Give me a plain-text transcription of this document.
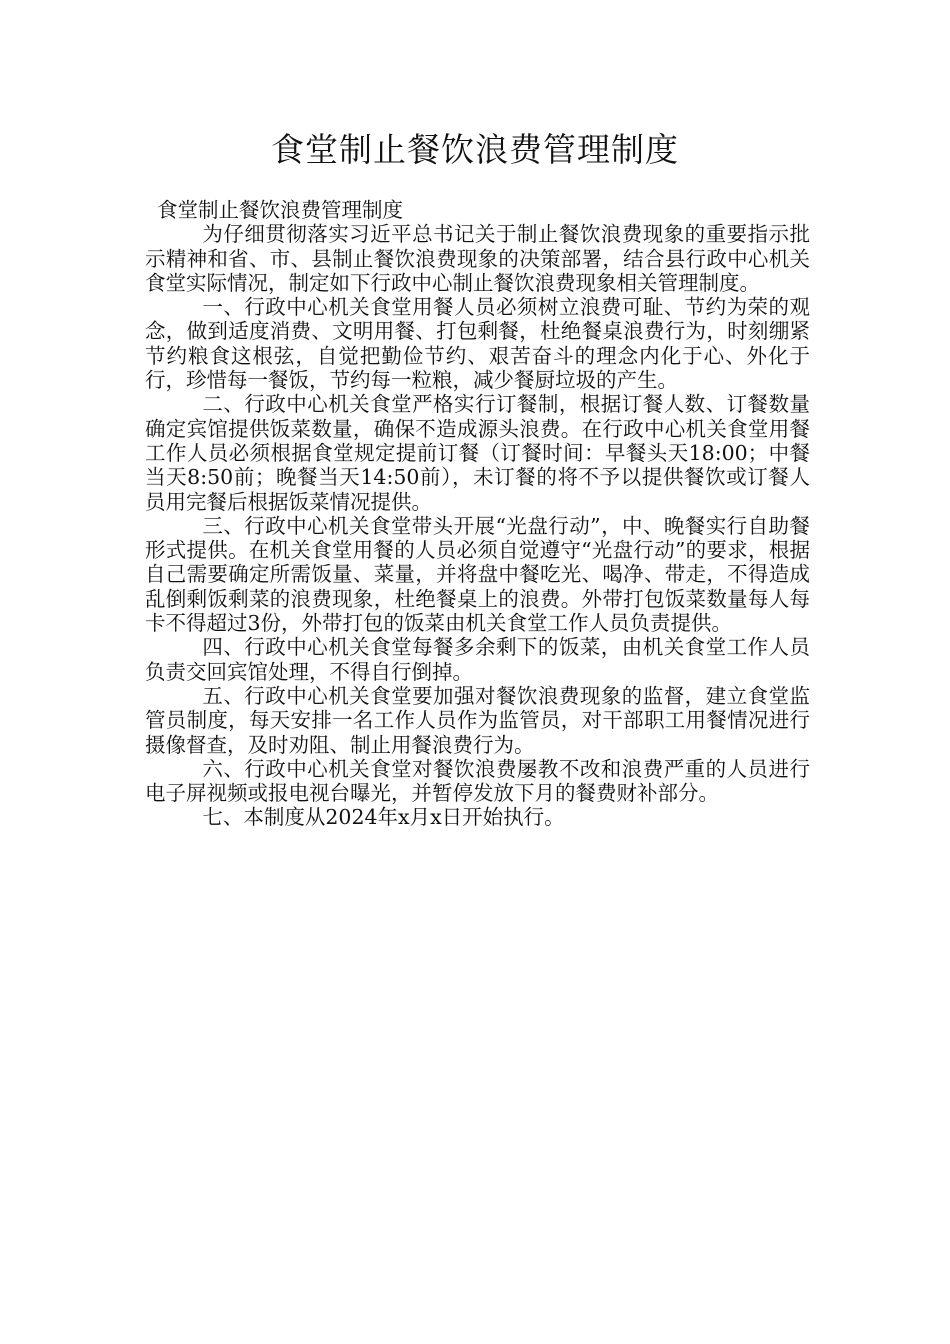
食堂制止餐饮浪费管理制度

食堂制止餐饮浪费管理制度

为仔细贯彻落实习近平总书记关于制止餐饮浪费现象的重要指示批示精神和省、市、县制止餐饮浪费现象的决策部署，结合县行政中心机关食堂实际情况，制定如下行政中心制止餐饮浪费现象相关管理制度。

一、行政中心机关食堂用餐人员必须树立浪费可耻、节约为荣的观念，做到适度消费、文明用餐、打包剩餐，杜绝餐桌浪费行为，时刻绷紧节约粮食这根弦，自觉把勤俭节约、艰苦奋斗的理念内化于心、外化于行，珍惜每一餐饭，节约每一粒粮，减少餐厨垃圾的产生。

二、行政中心机关食堂严格实行订餐制，根据订餐人数、订餐数量确定宾馆提供饭菜数量，确保不造成源头浪费。在行政中心机关食堂用餐工作人员必须根据食堂规定提前订餐（订餐时间：早餐头天18:00；中餐当天8:50前；晚餐当天14:50前），未订餐的将不予以提供餐饮或订餐人员用完餐后根据饭菜情况提供。

三、行政中心机关食堂带头开展“光盘行动”，中、晚餐实行自助餐形式提供。在机关食堂用餐的人员必须自觉遵守“光盘行动”的要求，根据自己需要确定所需饭量、菜量，并将盘中餐吃光、喝净、带走，不得造成乱倒剩饭剩菜的浪费现象，杜绝餐桌上的浪费。外带打包饭菜数量每人每卡不得超过3份，外带打包的饭菜由机关食堂工作人员负责提供。

四、行政中心机关食堂每餐多余剩下的饭菜，由机关食堂工作人员负责交回宾馆处理，不得自行倒掉。

五、行政中心机关食堂要加强对餐饮浪费现象的监督，建立食堂监管员制度，每天安排一名工作人员作为监管员，对干部职工用餐情况进行摄像督查，及时劝阻、制止用餐浪费行为。

六、行政中心机关食堂对餐饮浪费屡教不改和浪费严重的人员进行电子屏视频或报电视台曝光，并暂停发放下月的餐费财补部分。

七、本制度从2024年x月x日开始执行。
